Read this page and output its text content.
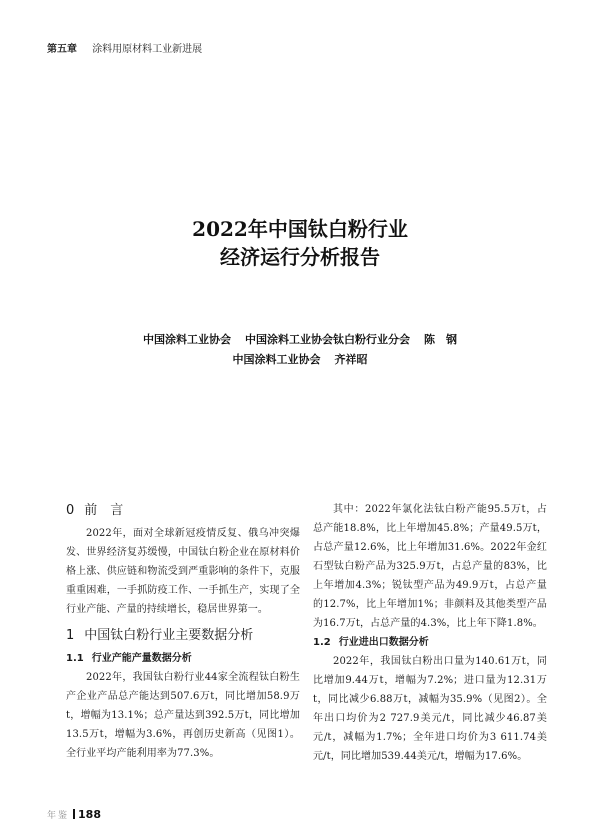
第五章 涂料用原材料工业新进展
2022年中国钛白粉行业
经济运行分析报告
中国涂料工业协会 中国涂料工业协会钛白粉行业分会 陈　钢
中国涂料工业协会 齐祥昭
0 前　言

2022年，面对全球新冠疫情反复、俄乌冲突爆发、世界经济复苏缓慢，中国钛白粉企业在原材料价格上涨、供应链和物流受到严重影响的条件下，克服重重困难，一手抓防疫工作、一手抓生产，实现了全行业产能、产量的持续增长，稳居世界第一。

1 中国钛白粉行业主要数据分析
1.1 行业产能产量数据分析

2022年，我国钛白粉行业44家全流程钛白粉生产企业产品总产能达到507.6万t，同比增加58.9万t，增幅为13.1%；总产量达到392.5万t，同比增加13.5万t，增幅为3.6%，再创历史新高（见图1）。全行业平均产能利用率为77.3%。

其中：2022年氯化法钛白粉产能95.5万t，占总产能18.8%，比上年增加45.8%；产量49.5万t，占总产量12.6%，比上年增加31.6%。2022年金红石型钛白粉产品为325.9万t，占总产量的83%，比上年增加4.3%；锐钛型产品为49.9万t，占总产量的12.7%，比上年增加1%；非颜料及其他类型产品为16.7万t，占总产量的4.3%，比上年下降1.8%。

1.2 行业进出口数据分析

2022年，我国钛白粉出口量为140.61万t，同比增加9.44万t，增幅为7.2%；进口量为12.31万t，同比减少6.88万t，减幅为35.9%（见图2）。全年出口均价为2 727.9美元/t，同比减少46.87美元/t，减幅为1.7%；全年进口均价为3 611.74美元/t，同比增加539.44美元/t，增幅为17.6%。

年鉴 188
